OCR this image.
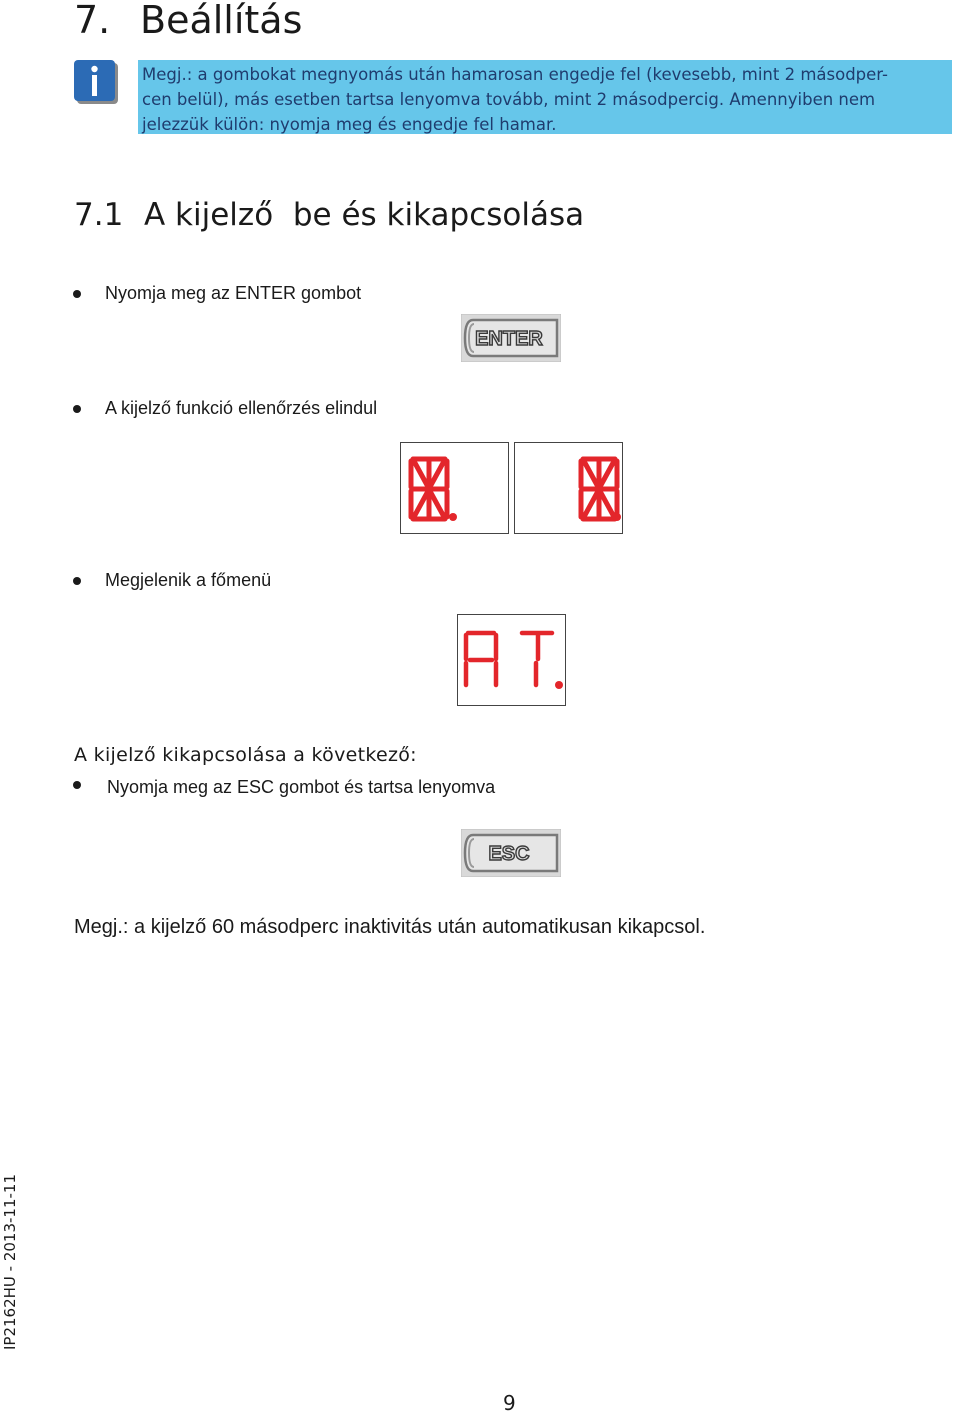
7. Beállítás
Megj.: a gombokat megnyomás után hamarosan engedje fel (kevesebb, mint 2 másodper-
cen belül), más esetben tartsa lenyomva tovább, mint 2 másodpercig. Amennyiben nem
jelezzük külön: nyomja meg és engedje fel hamar.
7.1 A kijelző  be és kikapcsolása
Nyomja meg az ENTER gombot
ENTER
A kijelző funkció ellenőrzés elindul
Megjelenik a főmenü
A kijelző kikapcsolása a következő:
Nyomja meg az ESC gombot és tartsa lenyomva
ESC
Megj.: a kijelző 60 másodperc inaktivitás után automatikusan kikapcsol.
IP2162HU - 2013-11-11
9
